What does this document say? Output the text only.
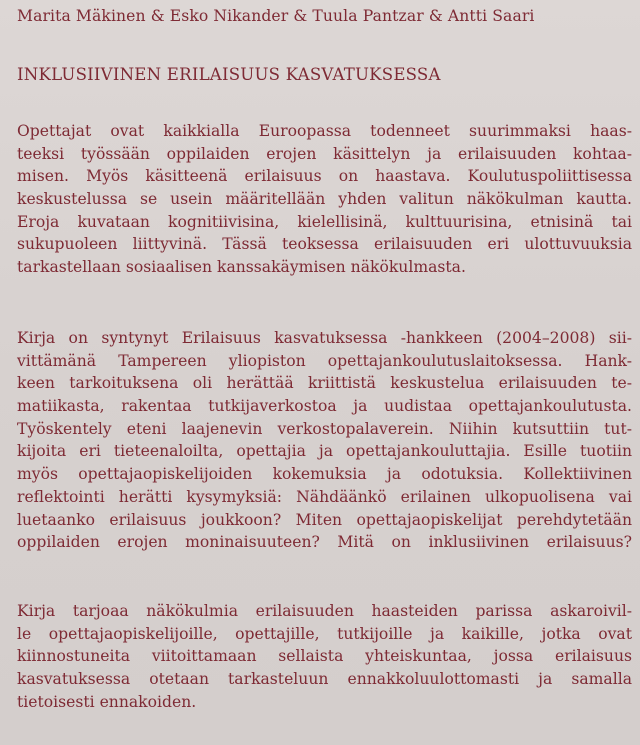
Marita Mäkinen & Esko Nikander & Tuula Pantzar & Antti Saari
INKLUSIIVINEN ERILAISUUS KASVATUKSESSA
Opettajat ovat kaikkialla Euroopassa todenneet suurimmaksi haas-
teeksi työssään oppilaiden erojen käsittelyn ja erilaisuuden kohtaa-
misen. Myös käsitteenä erilaisuus on haastava. Koulutuspoliittisessa
keskustelussa se usein määritellään yhden valitun näkökulman kautta.
Eroja kuvataan kognitiivisina, kielellisinä, kulttuurisina, etnisinä tai
sukupuoleen liittyvinä. Tässä teoksessa erilaisuuden eri ulottuvuuksia
tarkastellaan sosiaalisen kanssakäymisen näkökulmasta.
Kirja on syntynyt Erilaisuus kasvatuksessa -hankkeen (2004–2008) sii-
vittämänä Tampereen yliopiston opettajankoulutuslaitoksessa. Hank-
keen tarkoituksena oli herättää kriittistä keskustelua erilaisuuden te-
matiikasta, rakentaa tutkijaverkostoa ja uudistaa opettajankoulutusta.
Työskentely eteni laajenevin verkostopalaverein. Niihin kutsuttiin tut-
kijoita eri tieteenaloilta, opettajia ja opettajankouluttajia. Esille tuotiin
myös opettajaopiskelijoiden kokemuksia ja odotuksia. Kollektiivinen
reflektointi herätti kysymyksiä: Nähdäänkö erilainen ulkopuolisena vai
luetaanko erilaisuus joukkoon? Miten opettajaopiskelijat perehdytetään
oppilaiden erojen moninaisuuteen? Mitä on inklusiivinen erilaisuus?
Kirja tarjoaa näkökulmia erilaisuuden haasteiden parissa askaroivil-
le opettajaopiskelijoille, opettajille, tutkijoille ja kaikille, jotka ovat
kiinnostuneita viitoittamaan sellaista yhteiskuntaa, jossa erilaisuus
kasvatuksessa otetaan tarkasteluun ennakkoluulottomasti ja samalla
tietoisesti ennakoiden.
